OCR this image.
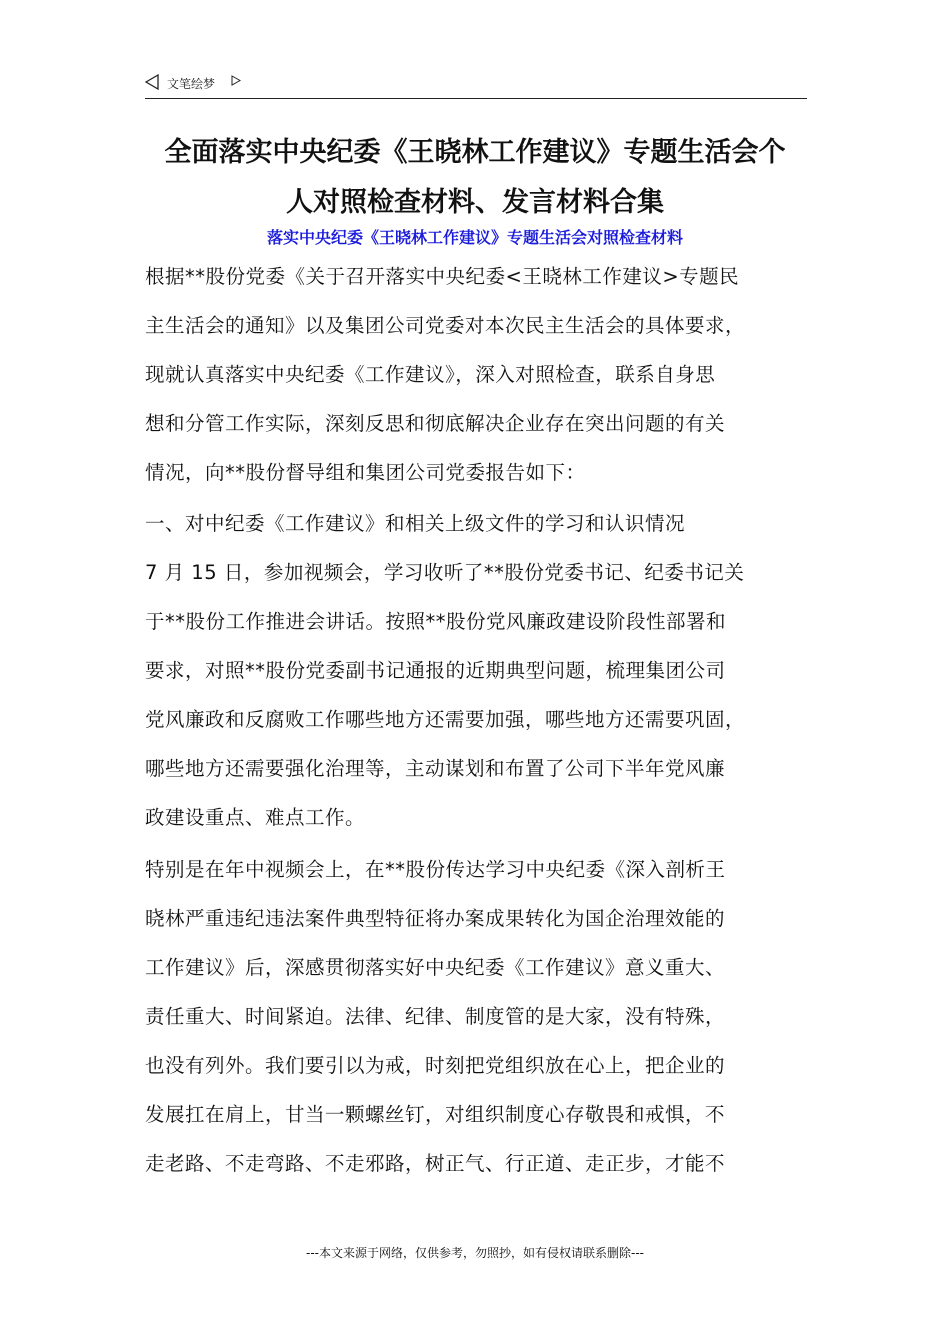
文笔绘梦
全面落实中央纪委《王晓林工作建议》专题生活会个
人对照检查材料、发言材料合集
落实中央纪委《王晓林工作建议》专题生活会对照检查材料
根据**股份党委《关于召开落实中央纪委<王晓林工作建议>专题民
主生活会的通知》以及集团公司党委对本次民主生活会的具体要求，
现就认真落实中央纪委《工作建议》，深入对照检查，联系自身思
想和分管工作实际，深刻反思和彻底解决企业存在突出问题的有关
情况，向**股份督导组和集团公司党委报告如下：
一、对中纪委《工作建议》和相关上级文件的学习和认识情况
7 月 15 日，参加视频会，学习收听了**股份党委书记、纪委书记关
于**股份工作推进会讲话。按照**股份党风廉政建设阶段性部署和
要求，对照**股份党委副书记通报的近期典型问题，梳理集团公司
党风廉政和反腐败工作哪些地方还需要加强，哪些地方还需要巩固，
哪些地方还需要强化治理等，主动谋划和布置了公司下半年党风廉
政建设重点、难点工作。
特别是在年中视频会上，在**股份传达学习中央纪委《深入剖析王
晓林严重违纪违法案件典型特征将办案成果转化为国企治理效能的
工作建议》后，深感贯彻落实好中央纪委《工作建议》意义重大、
责任重大、时间紧迫。法律、纪律、制度管的是大家，没有特殊，
也没有列外。我们要引以为戒，时刻把党组织放在心上，把企业的
发展扛在肩上，甘当一颗螺丝钉，对组织制度心存敬畏和戒惧，不
走老路、不走弯路、不走邪路，树正气、行正道、走正步，才能不
---本文来源于网络，仅供参考，勿照抄，如有侵权请联系删除---
